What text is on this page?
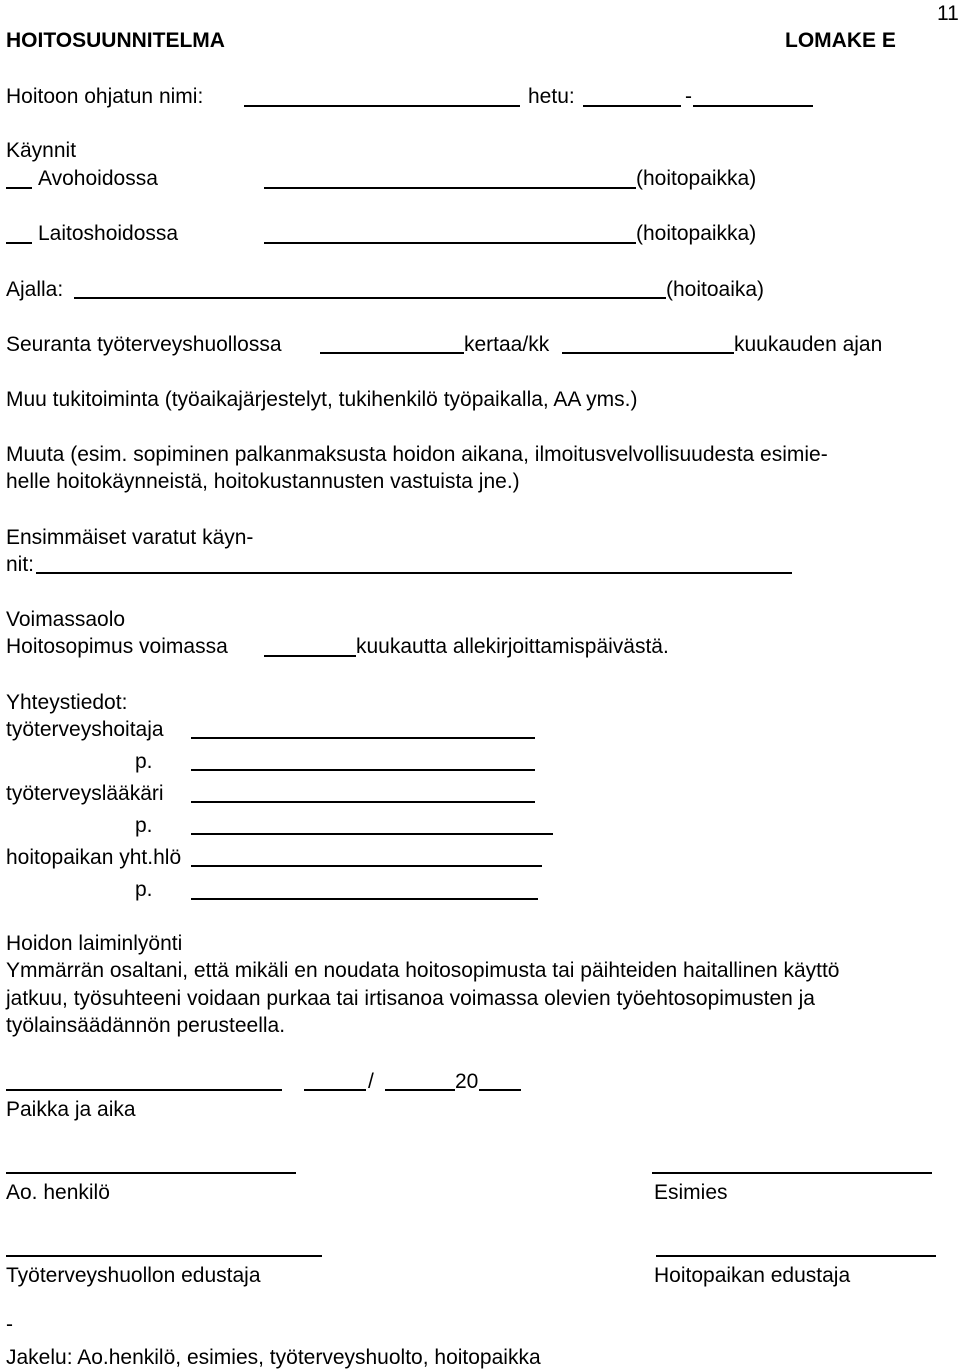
11
HOITOSUUNNITELMA	LOMAKE E
Hoitoon ohjatun nimi:	hetu:	-
Käynnit
Avohoidossa	(hoitopaikka)
Laitoshoidossa	(hoitopaikka)
Ajalla:	(hoitoaika)
Seuranta työterveyshuollossa	kertaa/kk	kuukauden ajan
Muu tukitoiminta (työaikajärjestelyt, tukihenkilö työpaikalla, AA yms.)
Muuta (esim. sopiminen palkanmaksusta hoidon aikana, ilmoitusvelvollisuudesta esimie-
helle hoitokäynneistä, hoitokustannusten vastuista jne.)
Ensimmäiset varatut käyn-
nit:
Voimassaolo
Hoitosopimus voimassa	kuukautta allekirjoittamispäivästä.
Yhteystiedot:
työterveyshoitaja
p.
työterveyslääkäri
p.
hoitopaikan yht.hlö
p.
Hoidon laiminlyönti
Ymmärrän osaltani, että mikäli en noudata hoitosopimusta tai päihteiden haitallinen käyttö
jatkuu, työsuhteeni voidaan purkaa tai irtisanoa voimassa olevien työehtosopimusten ja
työlainsäädännön perusteella.
/	20
Paikka ja aika
Ao. henkilö	Esimies
Työterveyshuollon edustaja	Hoitopaikan edustaja
-
Jakelu: Ao.henkilö, esimies, työterveyshuolto, hoitopaikka
